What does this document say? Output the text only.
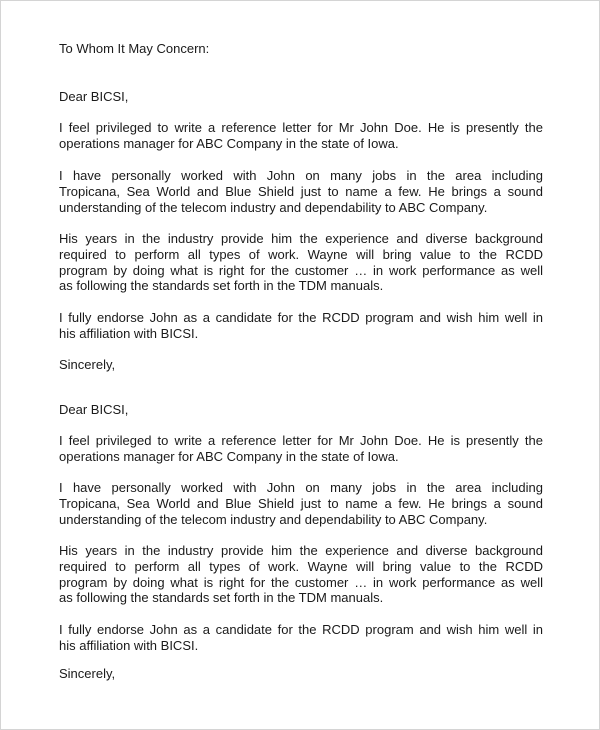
To Whom It May Concern:
Dear BICSI,
I feel privileged to write a reference letter for Mr John Doe. He is presently the
operations manager for ABC Company in the state of Iowa.
I have personally worked with John on many jobs in the area including
Tropicana, Sea World and Blue Shield just to name a few. He brings a sound
understanding of the telecom industry and dependability to ABC Company.
His years in the industry provide him the experience and diverse background
required to perform all types of work. Wayne will bring value to the RCDD
program by doing what is right for the customer … in work performance as well
as following the standards set forth in the TDM manuals.
I fully endorse John as a candidate for the RCDD program and wish him well in
his affiliation with BICSI.
Sincerely,
Dear BICSI,
I feel privileged to write a reference letter for Mr John Doe. He is presently the
operations manager for ABC Company in the state of Iowa.
I have personally worked with John on many jobs in the area including
Tropicana, Sea World and Blue Shield just to name a few. He brings a sound
understanding of the telecom industry and dependability to ABC Company.
His years in the industry provide him the experience and diverse background
required to perform all types of work. Wayne will bring value to the RCDD
program by doing what is right for the customer … in work performance as well
as following the standards set forth in the TDM manuals.
I fully endorse John as a candidate for the RCDD program and wish him well in
his affiliation with BICSI.
Sincerely,
